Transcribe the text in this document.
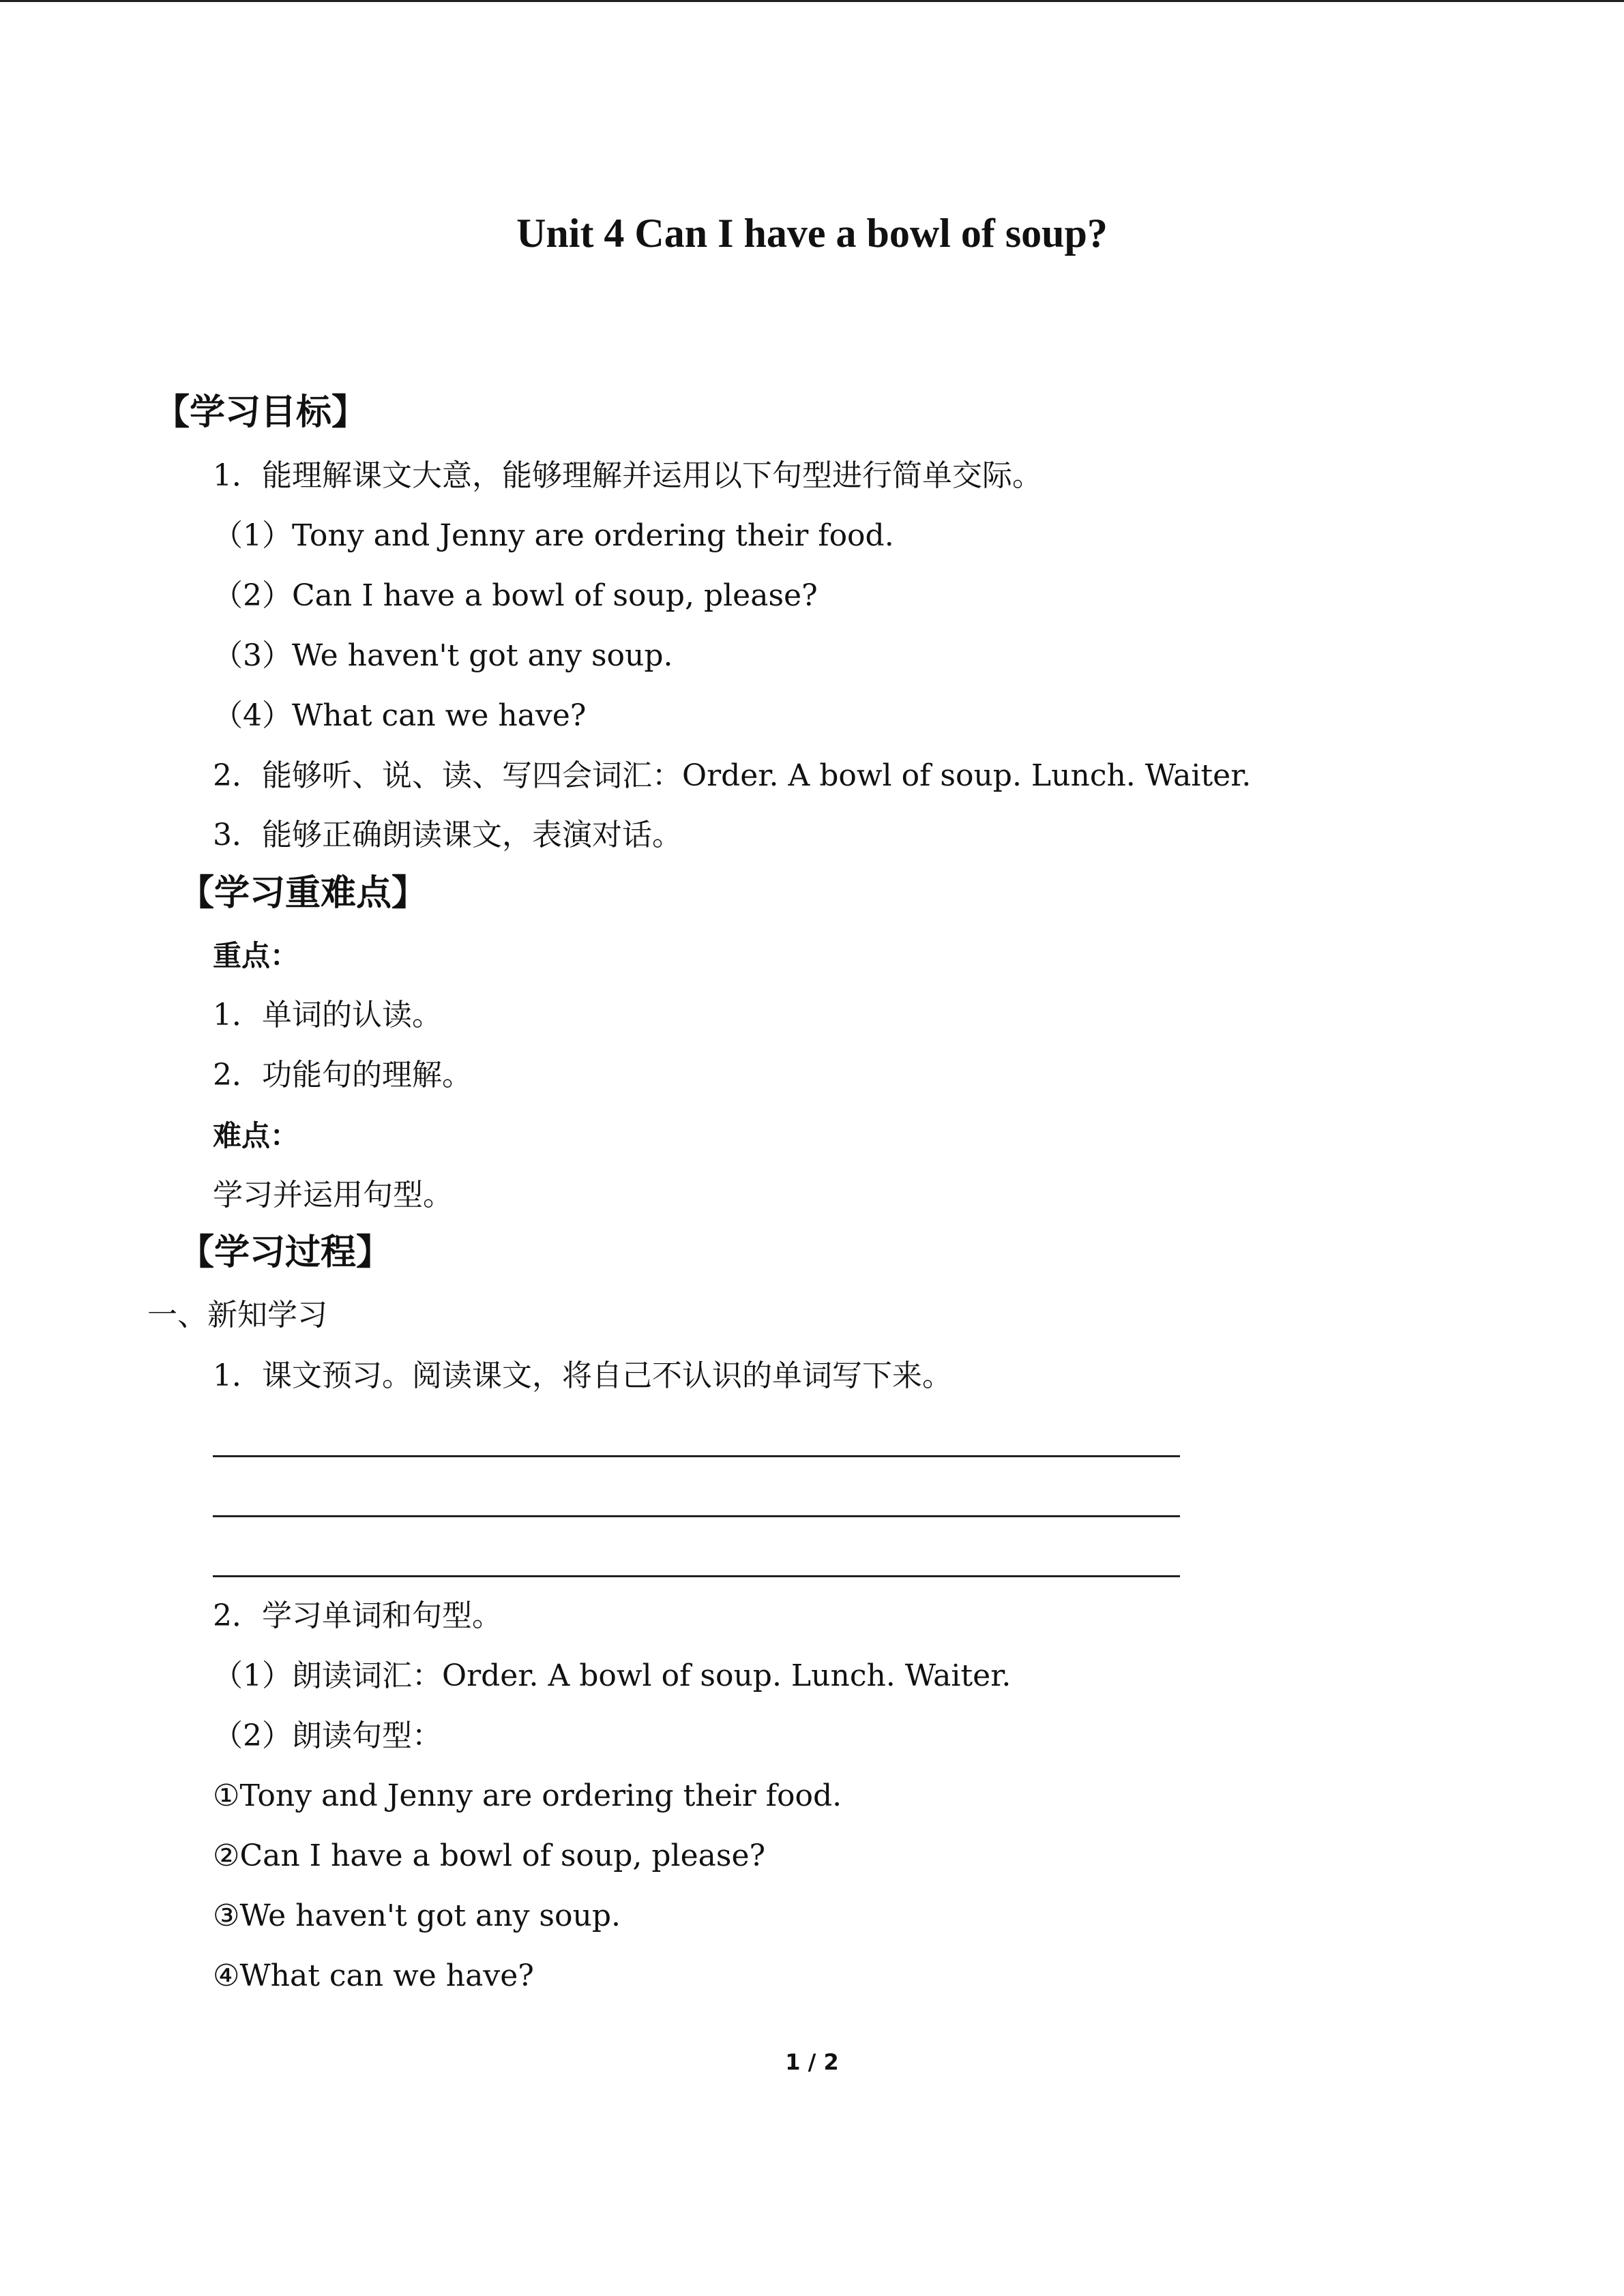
Unit 4 Can I have a bowl of soup?
【学习目标】
1．能理解课文大意，能够理解并运用以下句型进行简单交际。
（1）Tony and Jenny are ordering their food.
（2）Can I have a bowl of soup, please?
（3）We haven't got any soup.
（4）What can we have?
2．能够听、说、读、写四会词汇：Order. A bowl of soup. Lunch. Waiter.
3．能够正确朗读课文，表演对话。
【学习重难点】
重点：
1．单词的认读。
2．功能句的理解。
难点：
学习并运用句型。
【学习过程】
一、新知学习
1．课文预习。阅读课文，将自己不认识的单词写下来。
2．学习单词和句型。
（1）朗读词汇：Order. A bowl of soup. Lunch. Waiter.
（2）朗读句型：
①Tony and Jenny are ordering their food.
②Can I have a bowl of soup, please?
③We haven't got any soup.
④What can we have?
1 / 2
